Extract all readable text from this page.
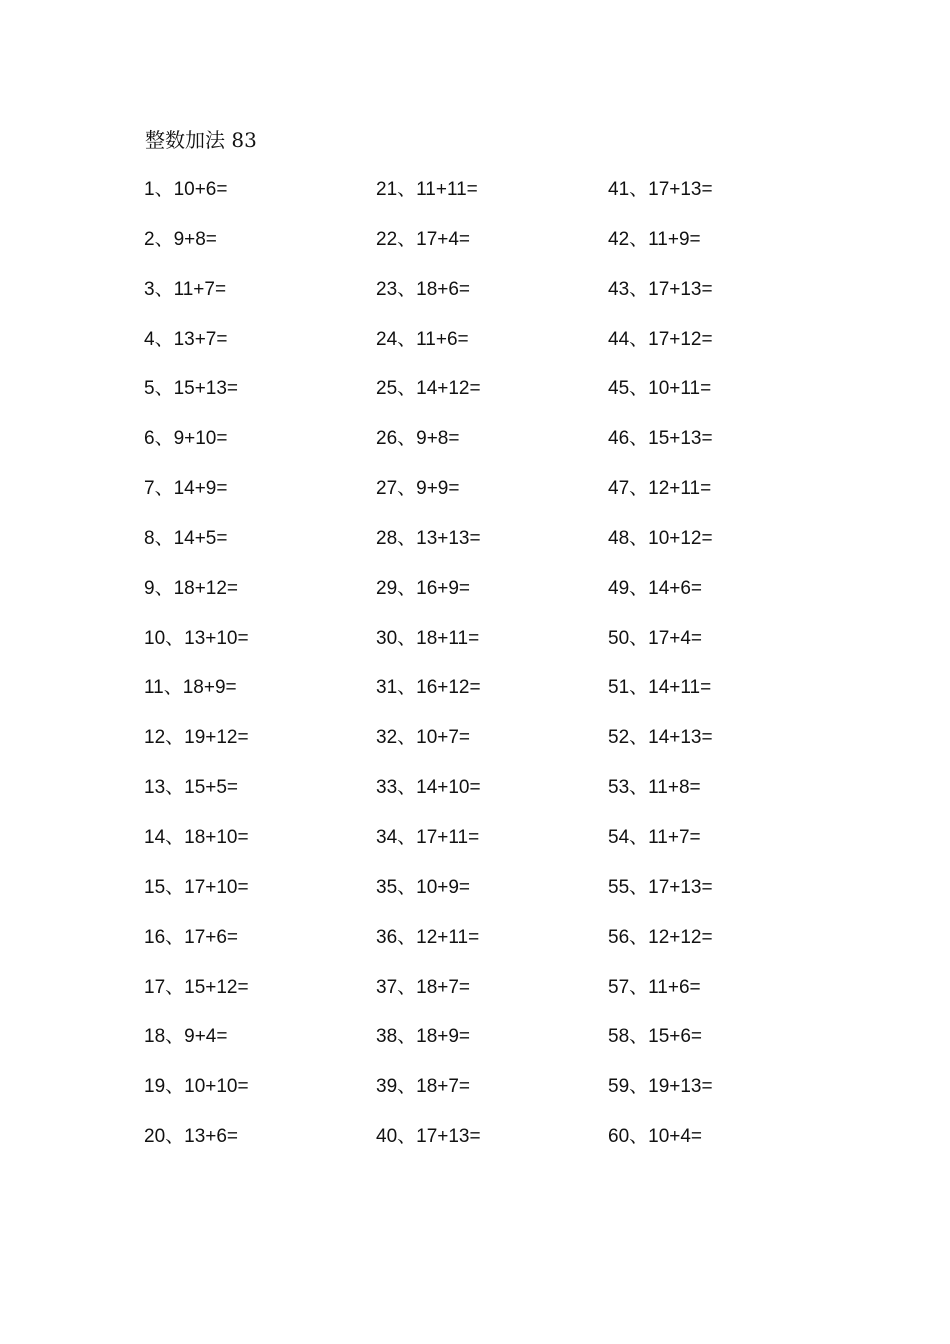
整数加法 83
1、10+6=
2、9+8=
3、11+7=
4、13+7=
5、15+13=
6、9+10=
7、14+9=
8、14+5=
9、18+12=
10、13+10=
11、18+9=
12、19+12=
13、15+5=
14、18+10=
15、17+10=
16、17+6=
17、15+12=
18、9+4=
19、10+10=
20、13+6=
21、11+11=
22、17+4=
23、18+6=
24、11+6=
25、14+12=
26、9+8=
27、9+9=
28、13+13=
29、16+9=
30、18+11=
31、16+12=
32、10+7=
33、14+10=
34、17+11=
35、10+9=
36、12+11=
37、18+7=
38、18+9=
39、18+7=
40、17+13=
41、17+13=
42、11+9=
43、17+13=
44、17+12=
45、10+11=
46、15+13=
47、12+11=
48、10+12=
49、14+6=
50、17+4=
51、14+11=
52、14+13=
53、11+8=
54、11+7=
55、17+13=
56、12+12=
57、11+6=
58、15+6=
59、19+13=
60、10+4=
